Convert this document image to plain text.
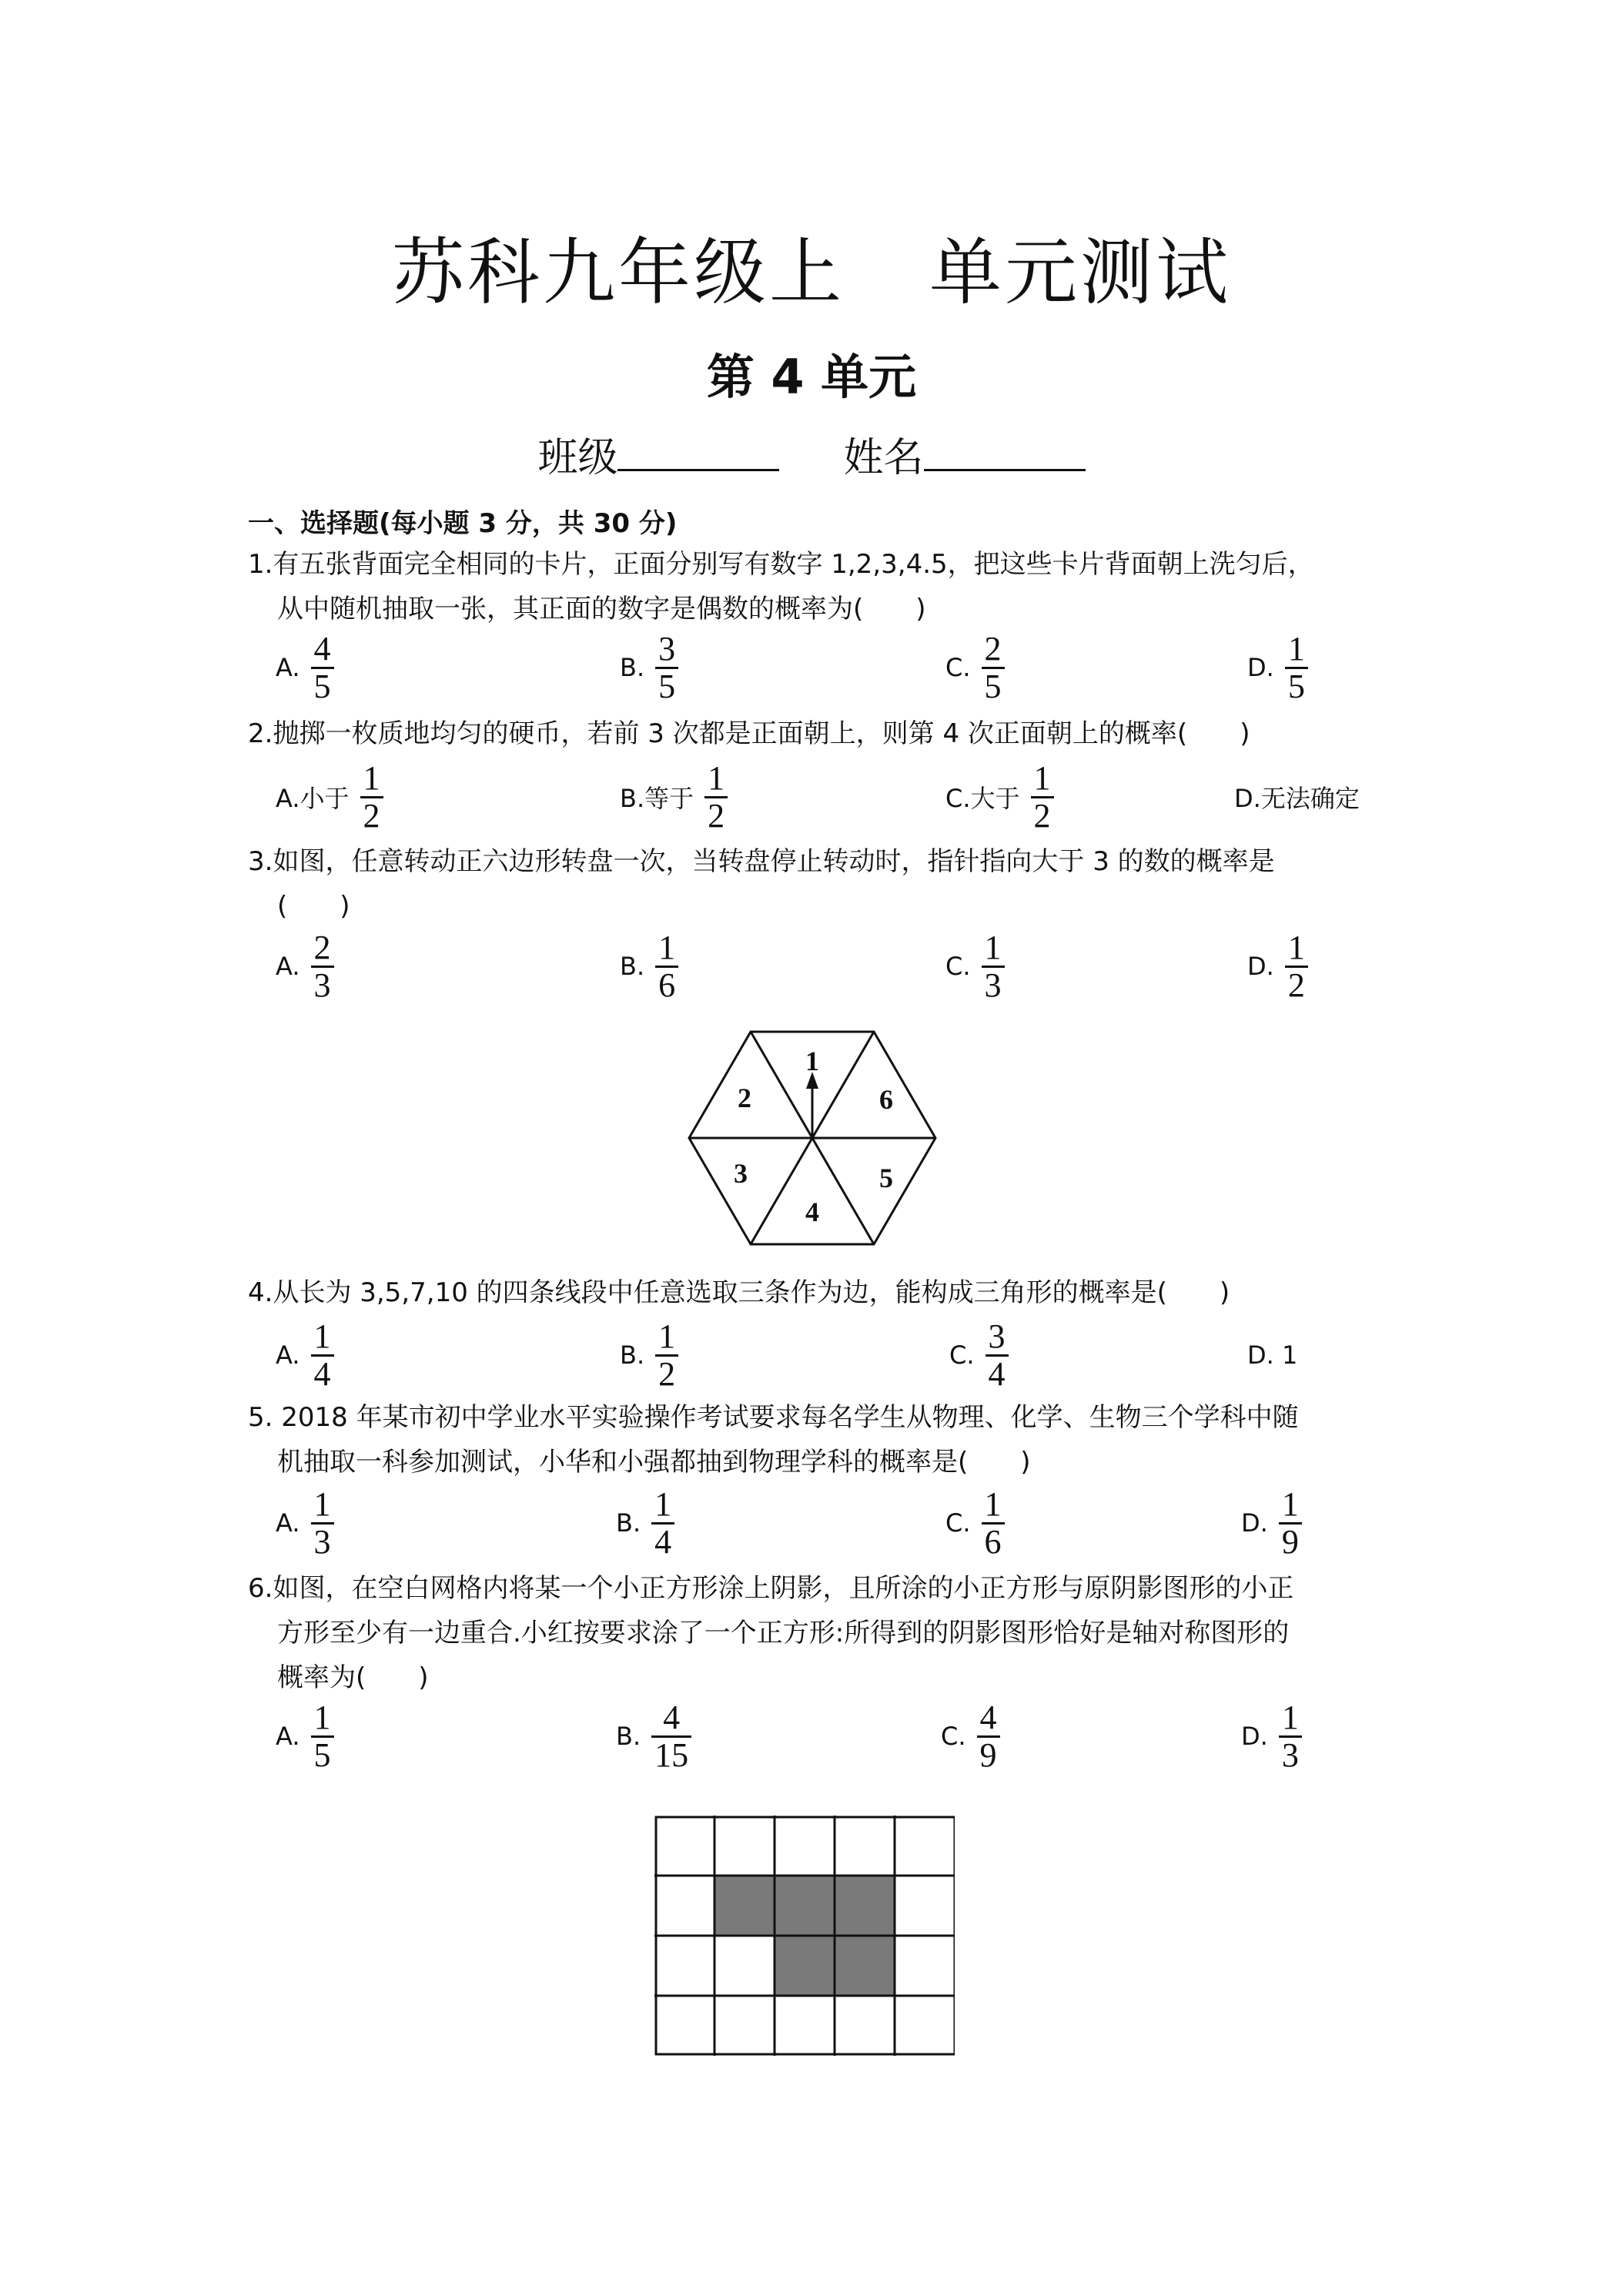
苏科九年级上 单元测试
第 4 单元
班级	姓名
一、选择题(每小题 3 分，共 30 分)
1.有五张背面完全相同的卡片，正面分别写有数字 1,2,3,4.5，把这些卡片背面朝上洗匀后，
从中随机抽取一张，其正面的数字是偶数的概率为(　　)
A. $\frac{4}{5}$	B. $\frac{3}{5}$	C. $\frac{2}{5}$	D. $\frac{1}{5}$
2.抛掷一枚质地均匀的硬币，若前 3 次都是正面朝上，则第 4 次正面朝上的概率(　　)
A.小于 $\frac{1}{2}$	B.等于 $\frac{1}{2}$	C.大于 $\frac{1}{2}$	D.无法确定
3.如图，任意转动正六边形转盘一次，当转盘停止转动时，指针指向大于 3 的数的概率是
(　　)
A. $\frac{2}{3}$	B. $\frac{1}{6}$	C. $\frac{1}{3}$	D. $\frac{1}{2}$
1
6
5
4
3
2
4.从长为 3,5,7,10 的四条线段中任意选取三条作为边，能构成三角形的概率是(　　)
A. $\frac{1}{4}$	B. $\frac{1}{2}$	C. $\frac{3}{4}$	D. 1
5. 2018 年某市初中学业水平实验操作考试要求每名学生从物理、化学、生物三个学科中随
机抽取一科参加测试，小华和小强都抽到物理学科的概率是(　　)
A. $\frac{1}{3}$	B. $\frac{1}{4}$	C. $\frac{1}{6}$	D. $\frac{1}{9}$
6.如图，在空白网格内将某一个小正方形涂上阴影，且所涂的小正方形与原阴影图形的小正
方形至少有一边重合.小红按要求涂了一个正方形:所得到的阴影图形恰好是轴对称图形的
概率为(　　)
A. $\frac{1}{5}$	B. $\frac{4}{15}$	C. $\frac{4}{9}$	D. $\frac{1}{3}$
